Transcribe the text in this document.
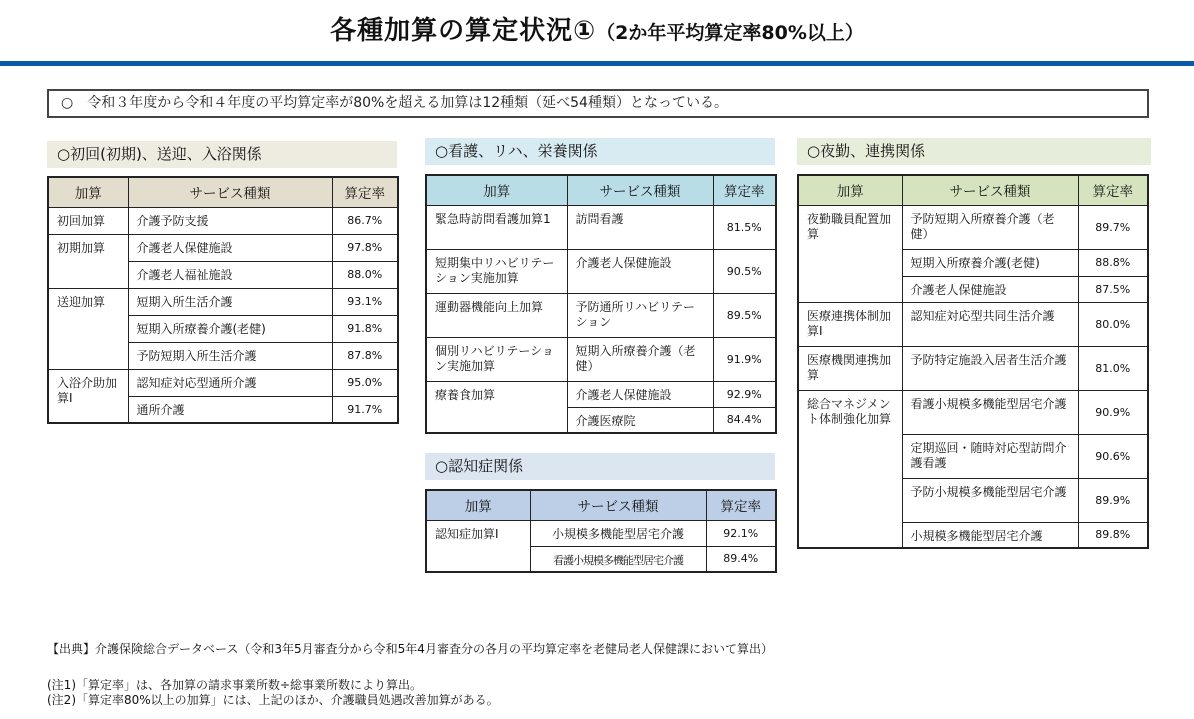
各種加算の算定状況①（2か年平均算定率80%以上）
○　令和３年度から令和４年度の平均算定率が80%を超える加算は12種類（延べ54種類）となっている。
○初回(初期)、送迎、入浴関係
加算	サービス種類	算定率
初回加算	介護予防支援	86.7%
初期加算	介護老人保健施設	97.8%
	介護老人福祉施設	88.0%
送迎加算	短期入所生活介護	93.1%
	短期入所療養介護(老健)	91.8%
	予防短期入所生活介護	87.8%
入浴介助加算Ⅰ	認知症対応型通所介護	95.0%
	通所介護	91.7%
○看護、リハ、栄養関係
加算	サービス種類	算定率
緊急時訪問看護加算1	訪問看護	81.5%
短期集中リハビリテーション実施加算	介護老人保健施設	90.5%
運動器機能向上加算	予防通所リハビリテーション	89.5%
個別リハビリテーション実施加算	短期入所療養介護（老健）	91.9%
療養食加算	介護老人保健施設	92.9%
	介護医療院	84.4%
○認知症関係
加算	サービス種類	算定率
認知症加算Ⅰ	小規模多機能型居宅介護	92.1%
	看護小規模多機能型居宅介護	89.4%
○夜勤、連携関係
加算	サービス種類	算定率
夜勤職員配置加算	予防短期入所療養介護（老健）	89.7%
	短期入所療養介護(老健)	88.8%
	介護老人保健施設	87.5%
医療連携体制加算Ⅰ	認知症対応型共同生活介護	80.0%
医療機関連携加算	予防特定施設入居者生活介護	81.0%
総合マネジメント体制強化加算	看護小規模多機能型居宅介護	90.9%
	定期巡回・随時対応型訪問介護看護	90.6%
	予防小規模多機能型居宅介護	89.9%
	小規模多機能型居宅介護	89.8%
【出典】介護保険総合データベース（令和3年5月審査分から令和5年4月審査分の各月の平均算定率を老健局老人保健課において算出）
(注1)「算定率」は、各加算の請求事業所数÷総事業所数により算出。
(注2)「算定率80%以上の加算」には、上記のほか、介護職員処遇改善加算がある。
